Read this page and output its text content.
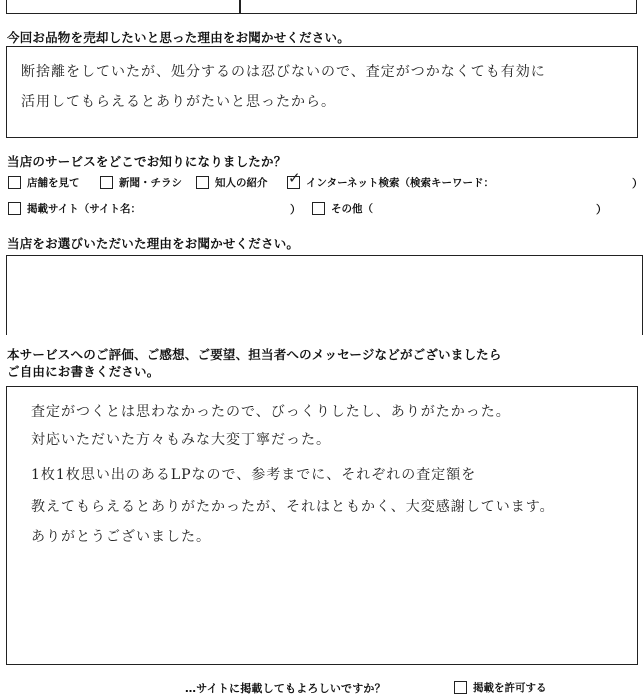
今回お品物を売却したいと思った理由をお聞かせください。
断捨離をしていたが、処分するのは忍びないので、査定がつかなくても有効に
活用してもらえるとありがたいと思ったから。
当店のサービスをどこでお知りになりましたか？
店舗を見て	新聞・チラシ	知人の紹介 ✓ インターネット検索（検索キーワード：	）
掲載サイト（サイト名：	）	その他（	）
当店をお選びいただいた理由をお聞かせください。
本サービスへのご評価、ご感想、ご要望、担当者へのメッセージなどがございましたら
ご自由にお書きください。
査定がつくとは思わなかったので、びっくりしたし、ありがたかった。
対応いただいた方々もみな大変丁寧だった。
1枚1枚思い出のあるLPなので、参考までに、それぞれの査定額を
教えてもらえるとありがたかったが、それはともかく、大変感謝しています。
ありがとうございました。
…サイトに掲載してもよろしいですか？	掲載を許可する
